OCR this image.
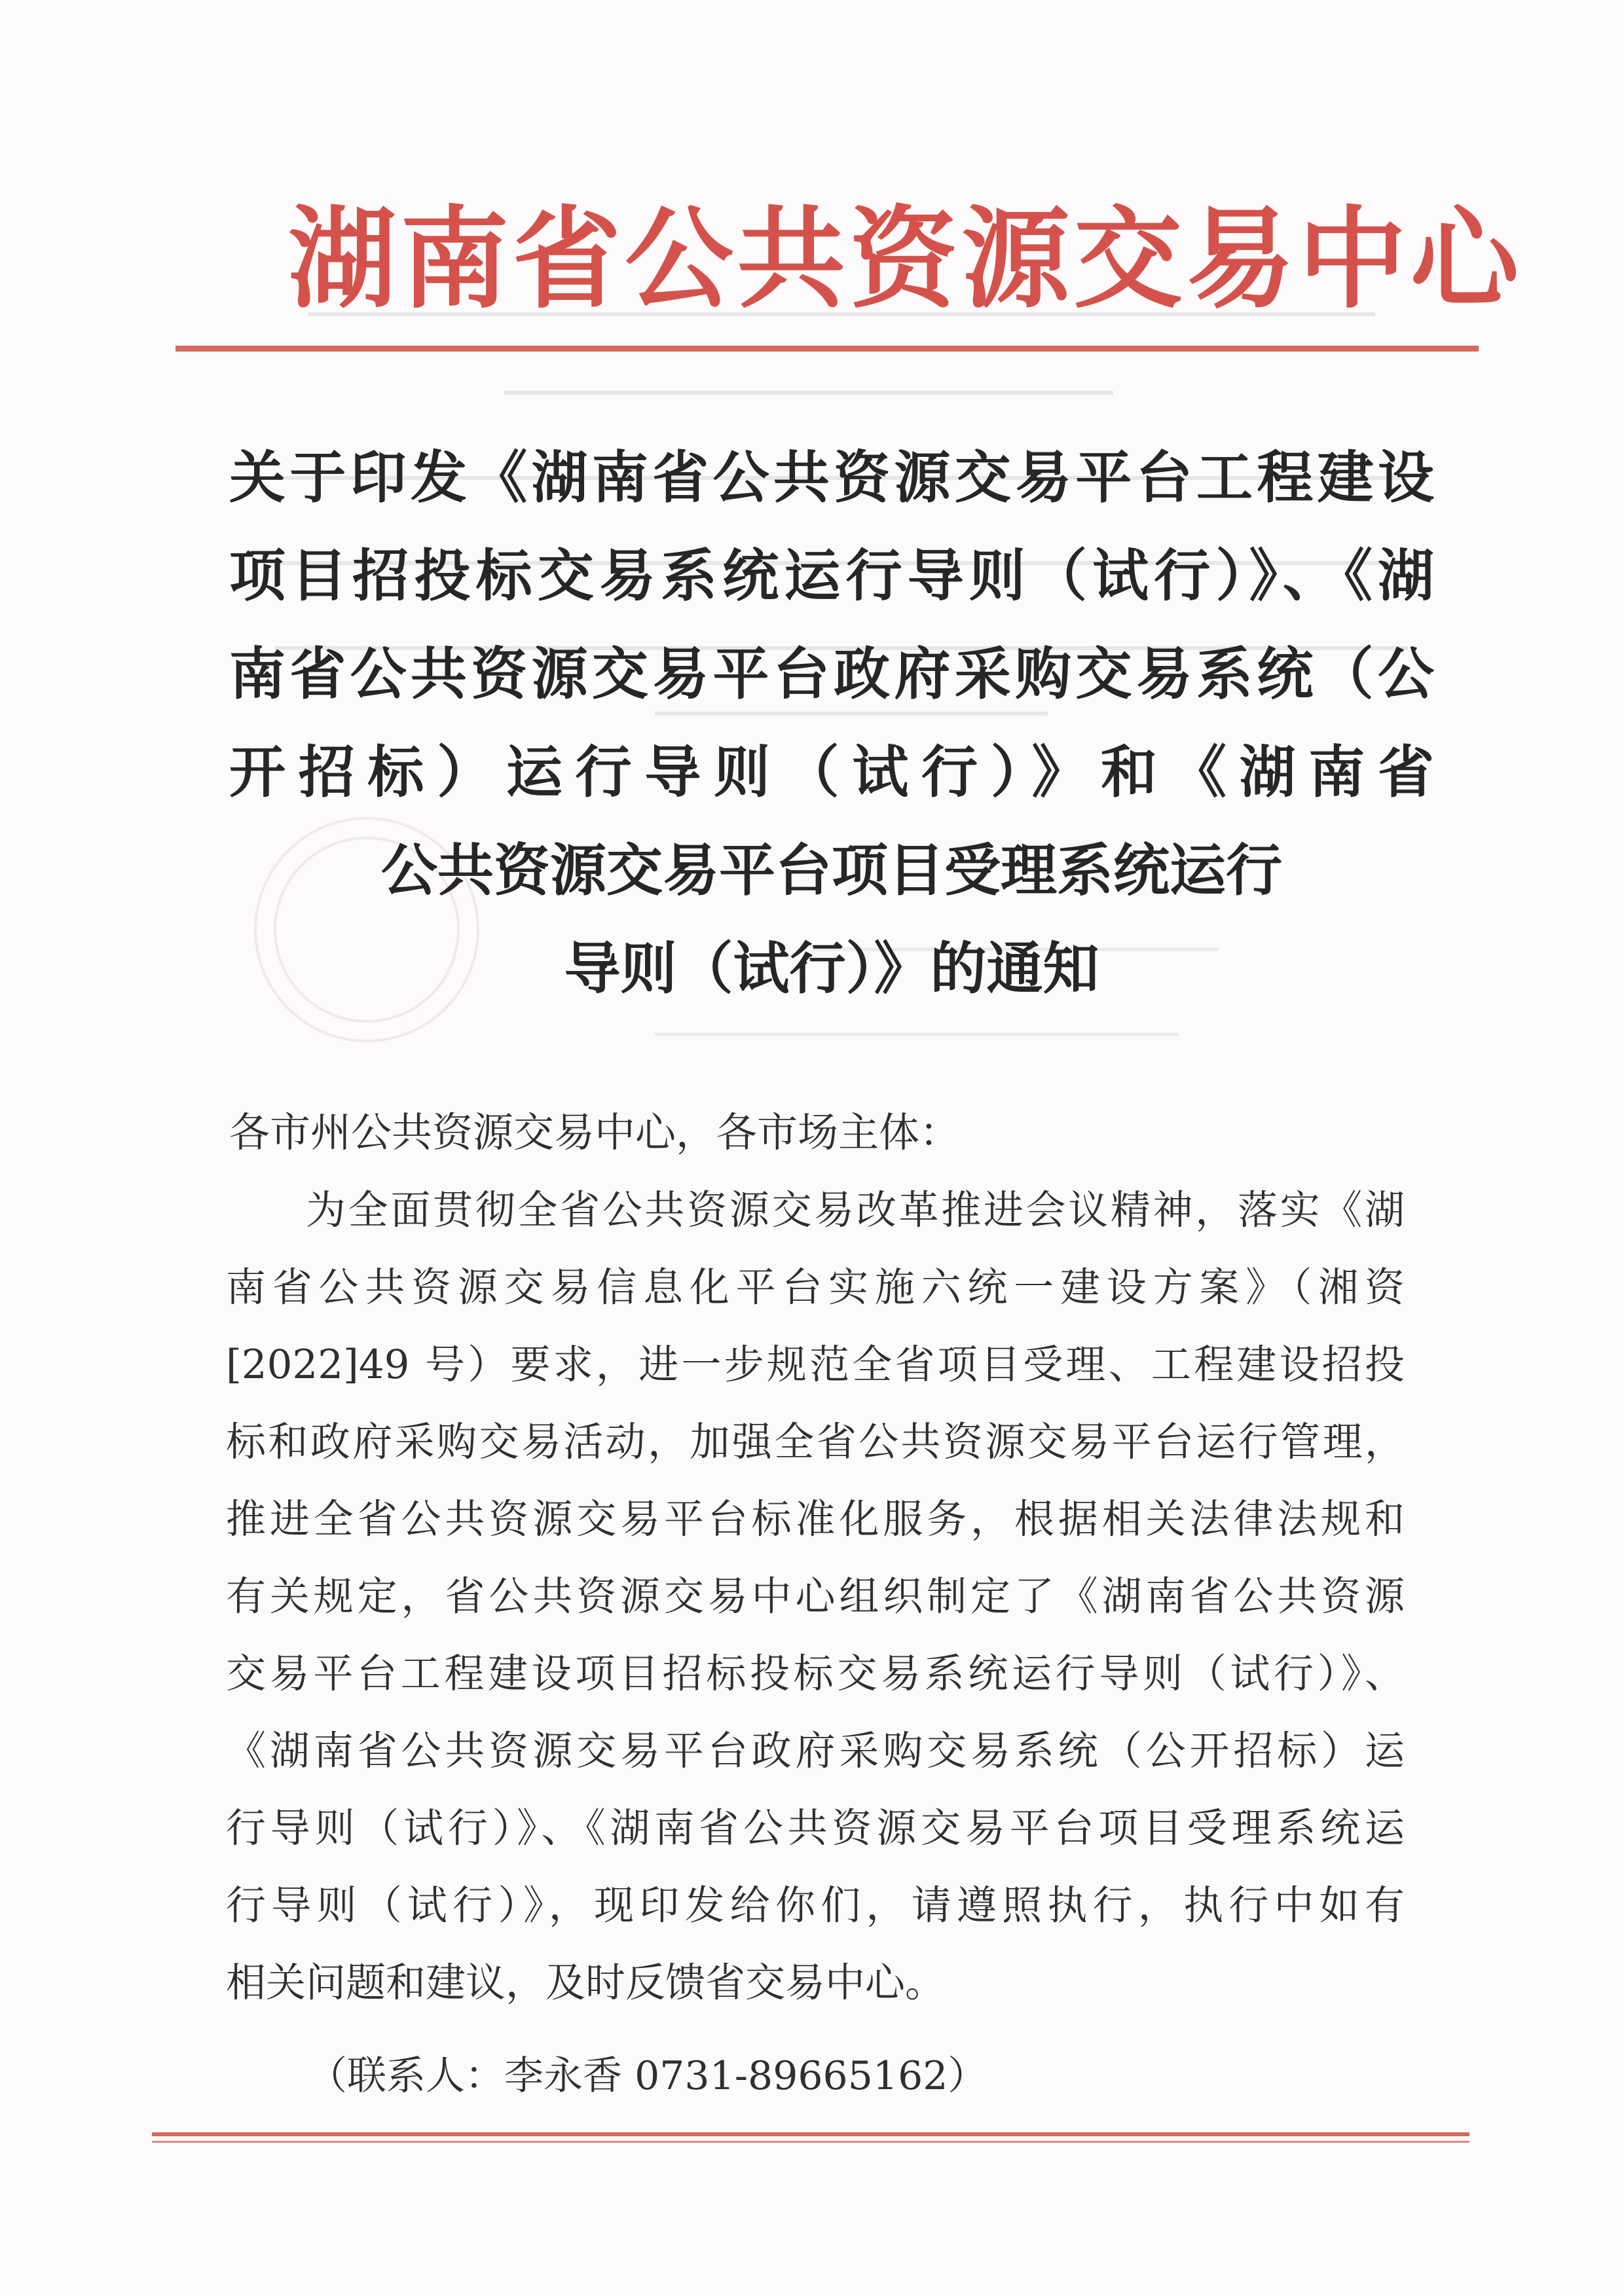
湖南省公共资源交易中心
关于印发《湖南省公共资源交易平台工程建设
项目招投标交易系统运行导则（试行）》、《湖
南省公共资源交易平台政府采购交易系统（公
开招标）运行导则（试行）》和《湖南省
公共资源交易平台项目受理系统运行
导则（试行）》的通知
各市州公共资源交易中心，各市场主体：
为全面贯彻全省公共资源交易改革推进会议精神，落实《湖
南省公共资源交易信息化平台实施六统一建设方案》（湘资
[2022]49 号）要求，进一步规范全省项目受理、工程建设招投
标和政府采购交易活动，加强全省公共资源交易平台运行管理，
推进全省公共资源交易平台标准化服务，根据相关法律法规和
有关规定，省公共资源交易中心组织制定了《湖南省公共资源
交易平台工程建设项目招标投标交易系统运行导则（试行）》、
《湖南省公共资源交易平台政府采购交易系统（公开招标）运
行导则（试行）》、《湖南省公共资源交易平台项目受理系统运
行导则（试行）》，现印发给你们，请遵照执行，执行中如有
相关问题和建议，及时反馈省交易中心。
（联系人：李永香 0731-89665162）
